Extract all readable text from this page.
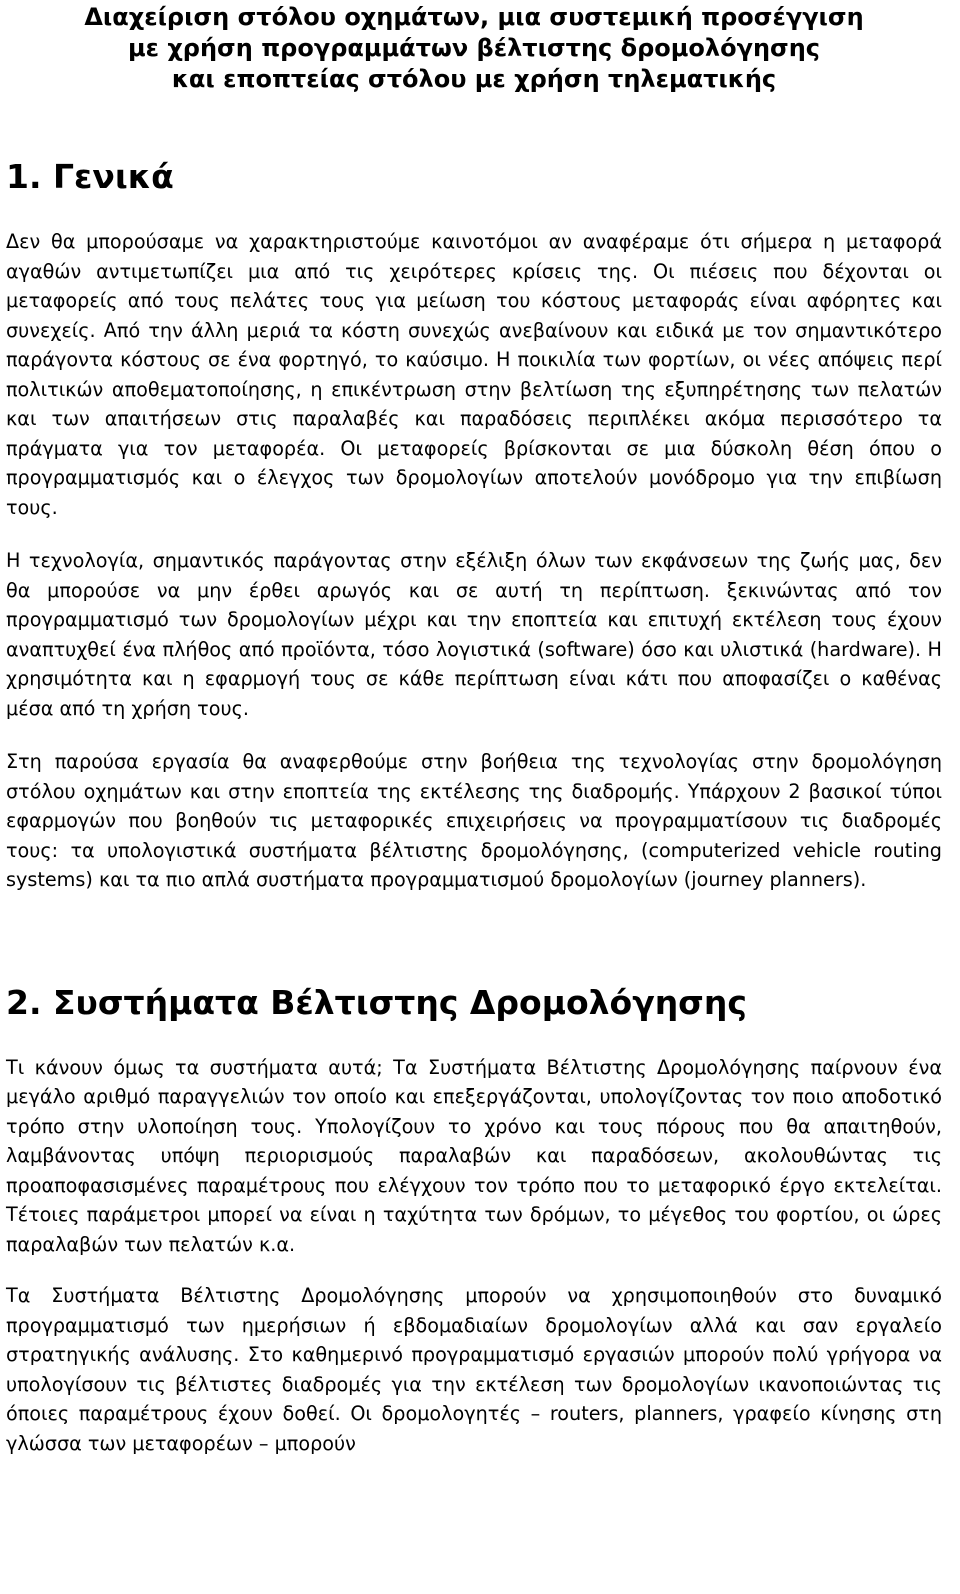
Διαχείριση στόλου οχημάτων, μια συστεμική προσέγγιση
με χρήση προγραμμάτων βέλτιστης δρομολόγησης
και εποπτείας στόλου με χρήση τηλεματικής
1. Γενικά

Δεν θα μπορούσαμε να χαρακτηριστούμε καινοτόμοι αν αναφέραμε ότι σήμερα η μεταφορά αγαθών αντιμετωπίζει μια από τις χειρότερες κρίσεις της. Οι πιέσεις που δέχονται οι μεταφορείς από τους πελάτες τους για μείωση του κόστους μεταφοράς είναι αφόρητες και συνεχείς. Από την άλλη μεριά τα κόστη συνεχώς ανεβαίνουν και ειδικά με τον σημαντικότερο παράγοντα κόστους σε ένα φορτηγό, το καύσιμο. Η ποικιλία των φορτίων, οι νέες απόψεις περί πολιτικών αποθεματοποίησης, η επικέντρωση στην βελτίωση της εξυπηρέτησης των πελατών και των απαιτήσεων στις παραλαβές και παραδόσεις περιπλέκει ακόμα περισσότερο τα πράγματα για τον μεταφορέα. Οι μεταφορείς βρίσκονται σε μια δύσκολη θέση όπου ο προγραμματισμός και ο έλεγχος των δρομολογίων αποτελούν μονόδρομο για την επιβίωση τους.

Η τεχνολογία, σημαντικός παράγοντας στην εξέλιξη όλων των εκφάνσεων της ζωής μας, δεν θα μπορούσε να μην έρθει αρωγός και σε αυτή τη περίπτωση. ξεκινώντας από τον προγραμματισμό των δρομολογίων μέχρι και την εποπτεία και επιτυχή εκτέλεση τους έχουν αναπτυχθεί ένα πλήθος από προϊόντα, τόσο λογιστικά (software) όσο και υλιστικά (hardware). Η χρησιμότητα και η εφαρμογή τους σε κάθε περίπτωση είναι κάτι που αποφασίζει ο καθένας μέσα από τη χρήση τους.

Στη παρούσα εργασία θα αναφερθούμε στην βοήθεια της τεχνολογίας στην δρομολόγηση στόλου οχημάτων και στην εποπτεία της εκτέλεσης της διαδρομής. Υπάρχουν 2 βασικοί τύποι εφαρμογών που βοηθούν τις μεταφορικές επιχειρήσεις να προγραμματίσουν τις διαδρομές τους: τα υπολογιστικά συστήματα βέλτιστης δρομολόγησης, (computerized vehicle routing systems) και τα πιο απλά συστήματα προγραμματισμού δρομολογίων (journey planners).

2. Συστήματα Βέλτιστης Δρομολόγησης

Τι κάνουν όμως τα συστήματα αυτά; Τα Συστήματα Βέλτιστης Δρομολόγησης παίρνουν ένα μεγάλο αριθμό παραγγελιών τον οποίο και επεξεργάζονται, υπολογίζοντας τον ποιο αποδοτικό τρόπο στην υλοποίηση τους. Υπολογίζουν το χρόνο και τους πόρους που θα απαιτηθούν, λαμβάνοντας υπόψη περιορισμούς παραλαβών και παραδόσεων, ακολουθώντας τις προαποφασισμένες παραμέτρους που ελέγχουν τον τρόπο που το μεταφορικό έργο εκτελείται. Τέτοιες παράμετροι μπορεί να είναι η ταχύτητα των δρόμων, το μέγεθος του φορτίου, οι ώρες παραλαβών των πελατών κ.α.

Τα Συστήματα Βέλτιστης Δρομολόγησης μπορούν να χρησιμοποιηθούν στο δυναμικό προγραμματισμό των ημερήσιων ή εβδομαδιαίων δρομολογίων αλλά και σαν εργαλείο στρατηγικής ανάλυσης. Στο καθημερινό προγραμματισμό εργασιών μπορούν πολύ γρήγορα να υπολογίσουν τις βέλτιστες διαδρομές για την εκτέλεση των δρομολογίων ικανοποιώντας τις όποιες παραμέτρους έχουν δοθεί. Οι δρομολογητές – routers, planners, γραφείο κίνησης στη γλώσσα των μεταφορέων – μπορούν
